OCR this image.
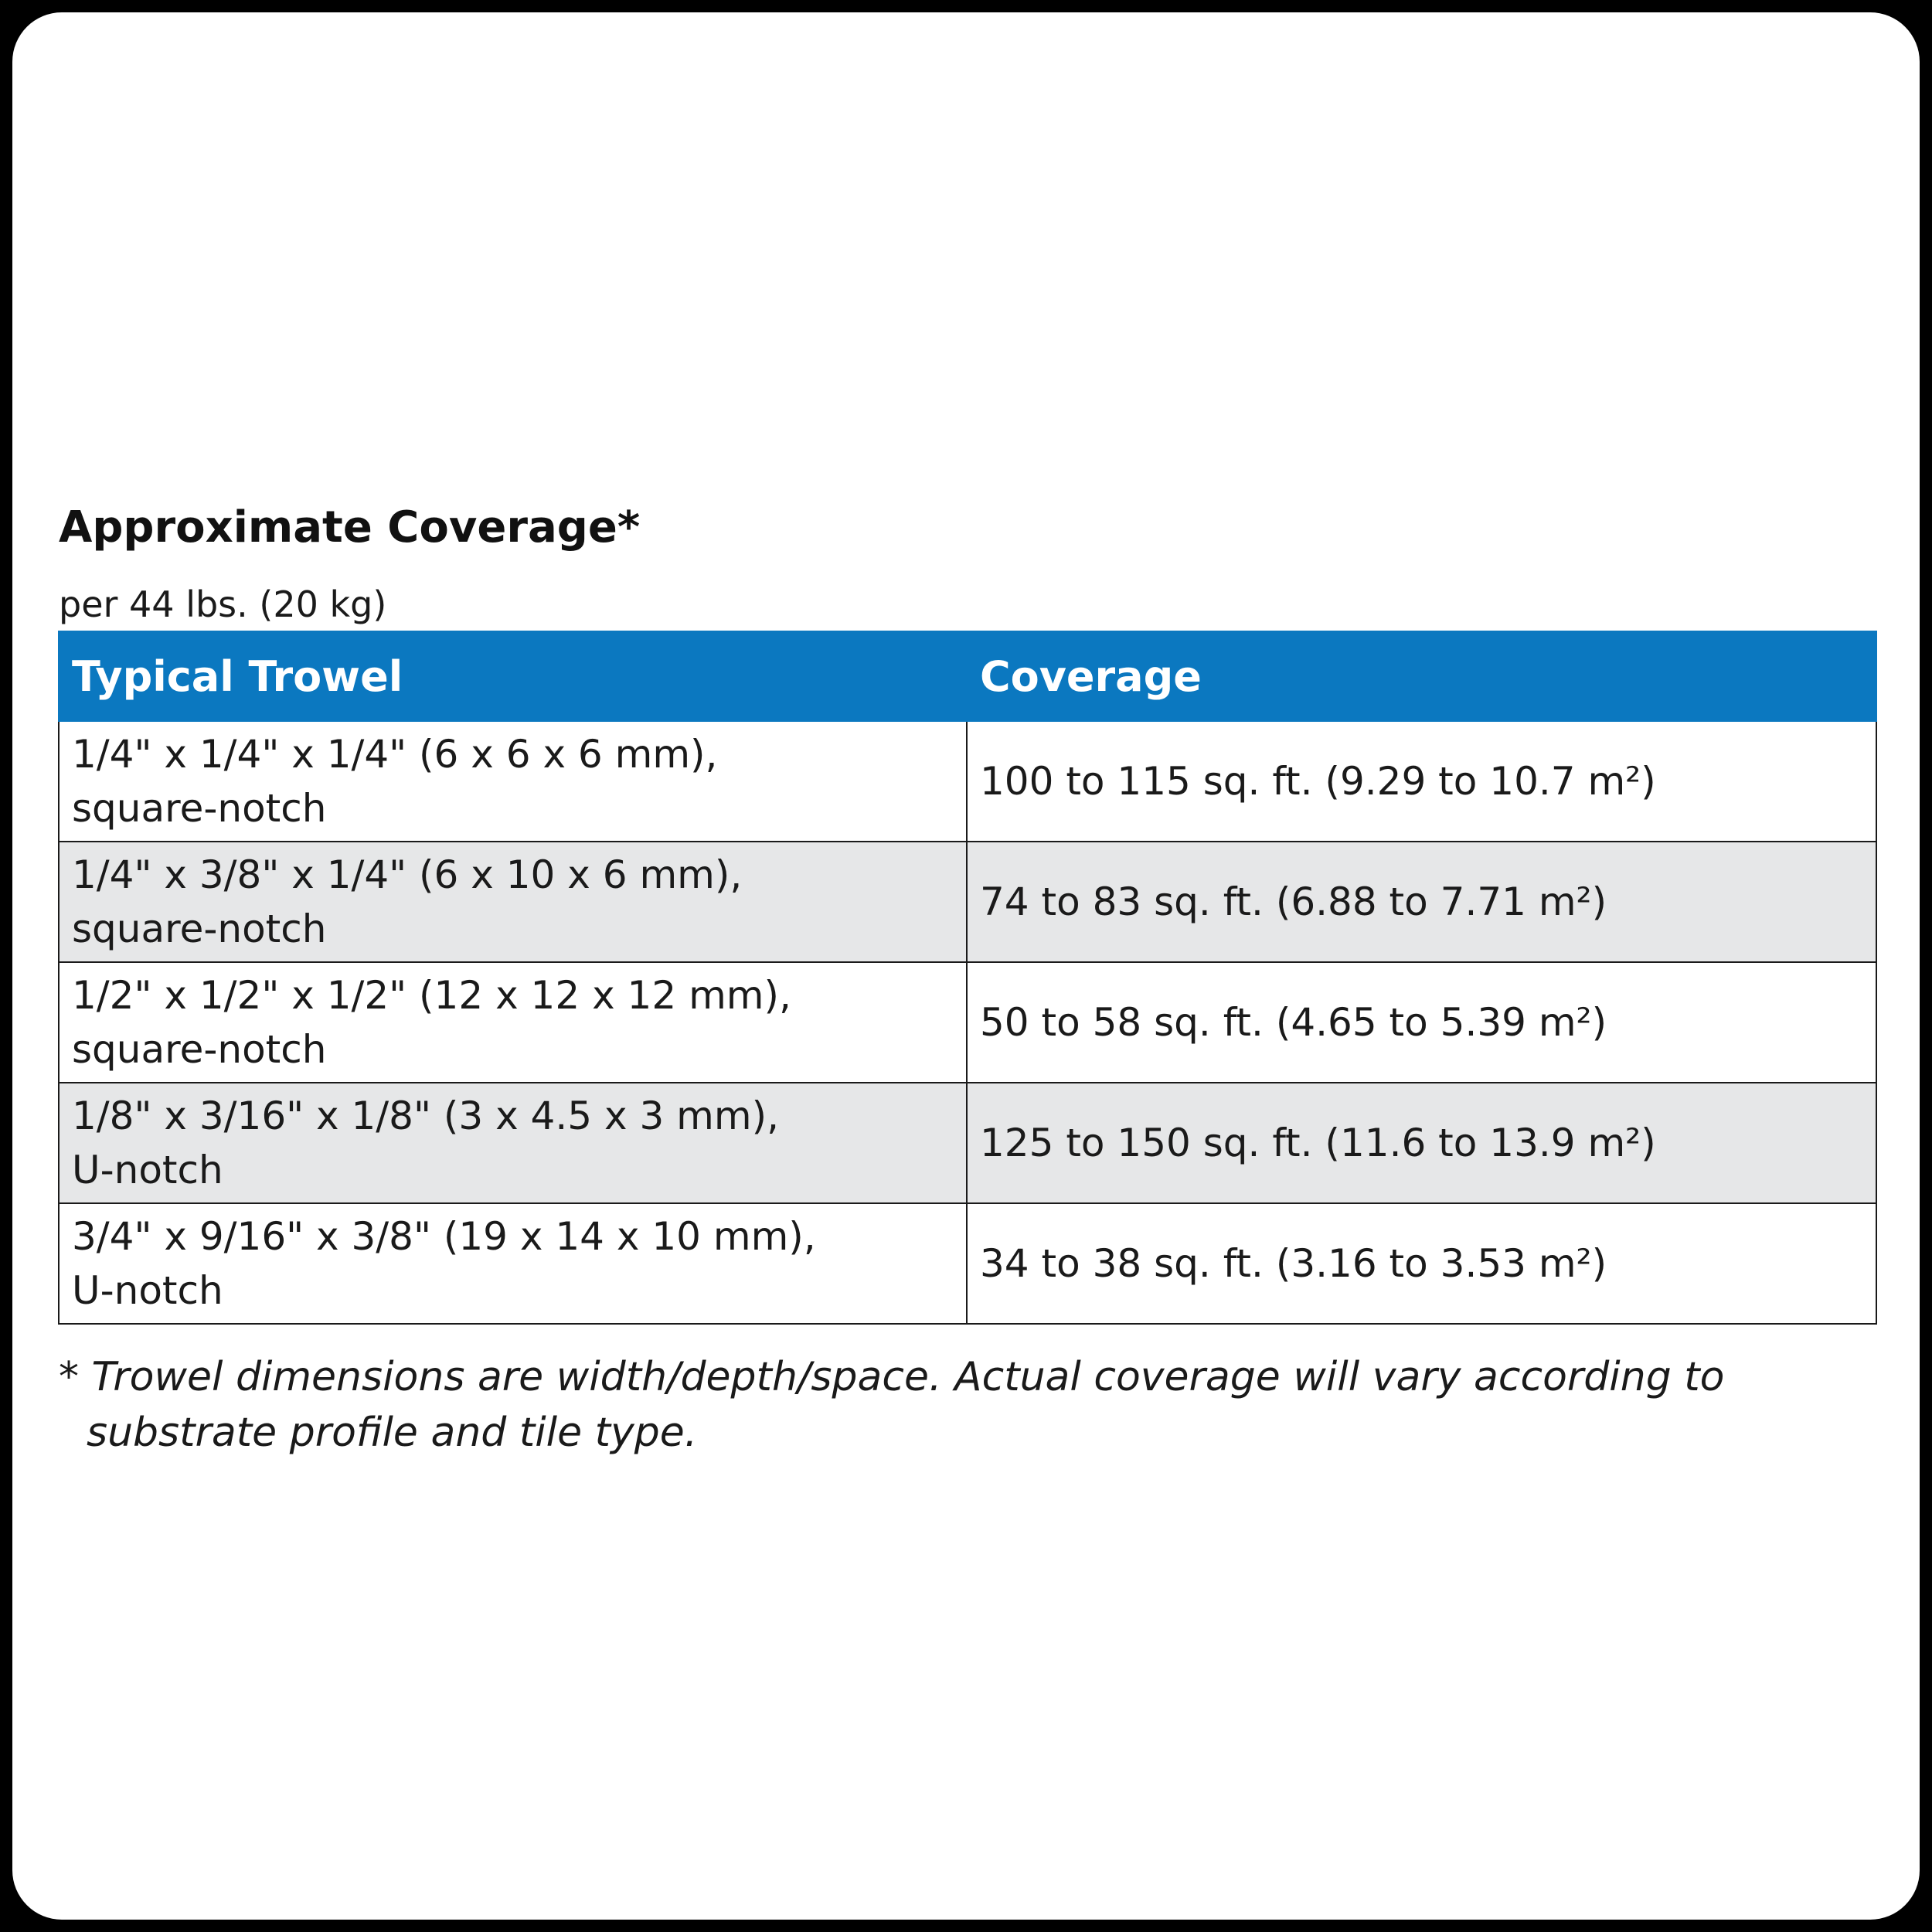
Approximate Coverage*

per 44 lbs. (20 kg)

Typical Trowel	Coverage

1/4" x 1/4" x 1/4" (6 x 6 x 6 mm),
square-notch	100 to 115 sq. ft. (9.29 to 10.7 m²)

1/4" x 3/8" x 1/4" (6 x 10 x 6 mm),
square-notch	74 to 83 sq. ft. (6.88 to 7.71 m²)

1/2" x 1/2" x 1/2" (12 x 12 x 12 mm),
square-notch	50 to 58 sq. ft. (4.65 to 5.39 m²)

1/8" x 3/16" x 1/8" (3 x 4.5 x 3 mm),
U-notch	125 to 150 sq. ft. (11.6 to 13.9 m²)

3/4" x 9/16" x 3/8" (19 x 14 x 10 mm),
U-notch	34 to 38 sq. ft. (3.16 to 3.53 m²)

* Trowel dimensions are width/depth/space. Actual coverage will vary according to substrate profile and tile type.
